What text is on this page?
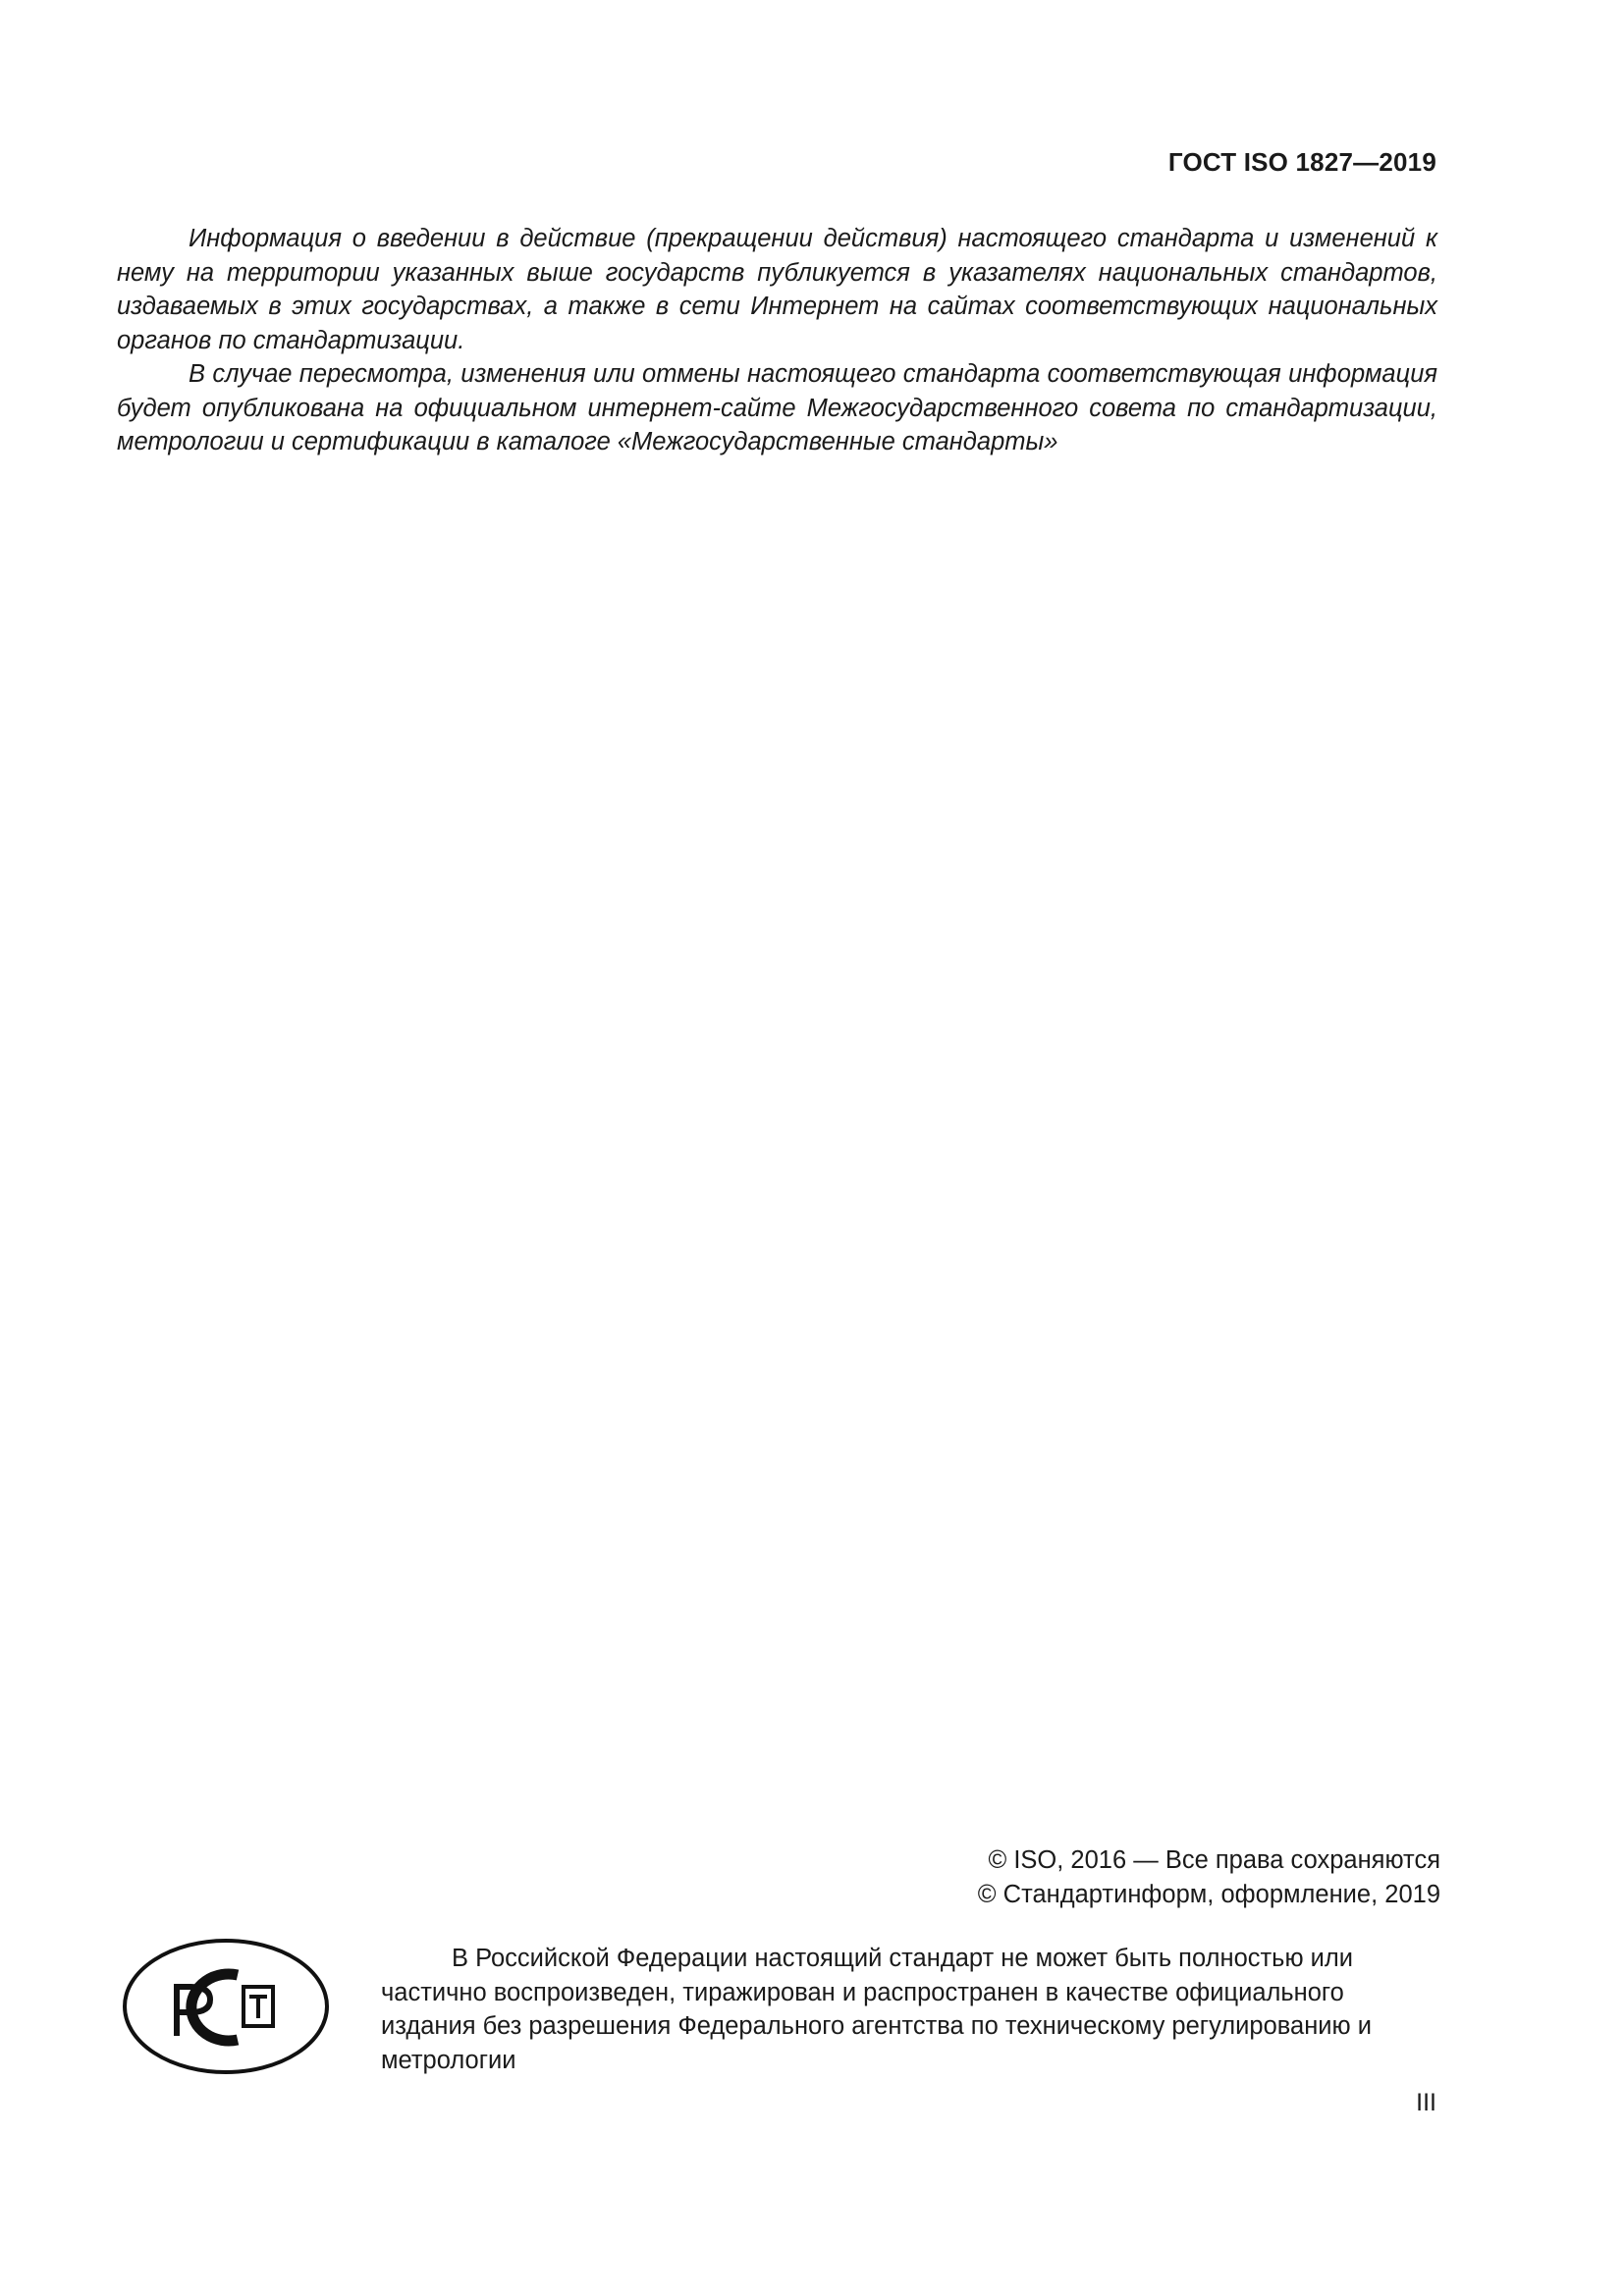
ГОСТ ISO 1827—2019

Информация о введении в действие (прекращении действия) настоящего стандарта и изменений к нему на территории указанных выше государств публикуется в указателях национальных стандартов, издаваемых в этих государствах, а также в сети Интернет на сайтах соответствующих национальных органов по стандартизации.

В случае пересмотра, изменения или отмены настоящего стандарта соответствующая информация будет опубликована на официальном интернет-сайте Межгосударственного совета по стандартизации, метрологии и сертификации в каталоге «Межгосударственные стандарты»

© ISO, 2016 — Все права сохраняются
© Стандартинформ, оформление, 2019

В Российской Федерации настоящий стандарт не может быть полностью или частично воспроизведен, тиражирован и распространен в качестве официального издания без разрешения Федерального агентства по техническому регулированию и метрологии

III
